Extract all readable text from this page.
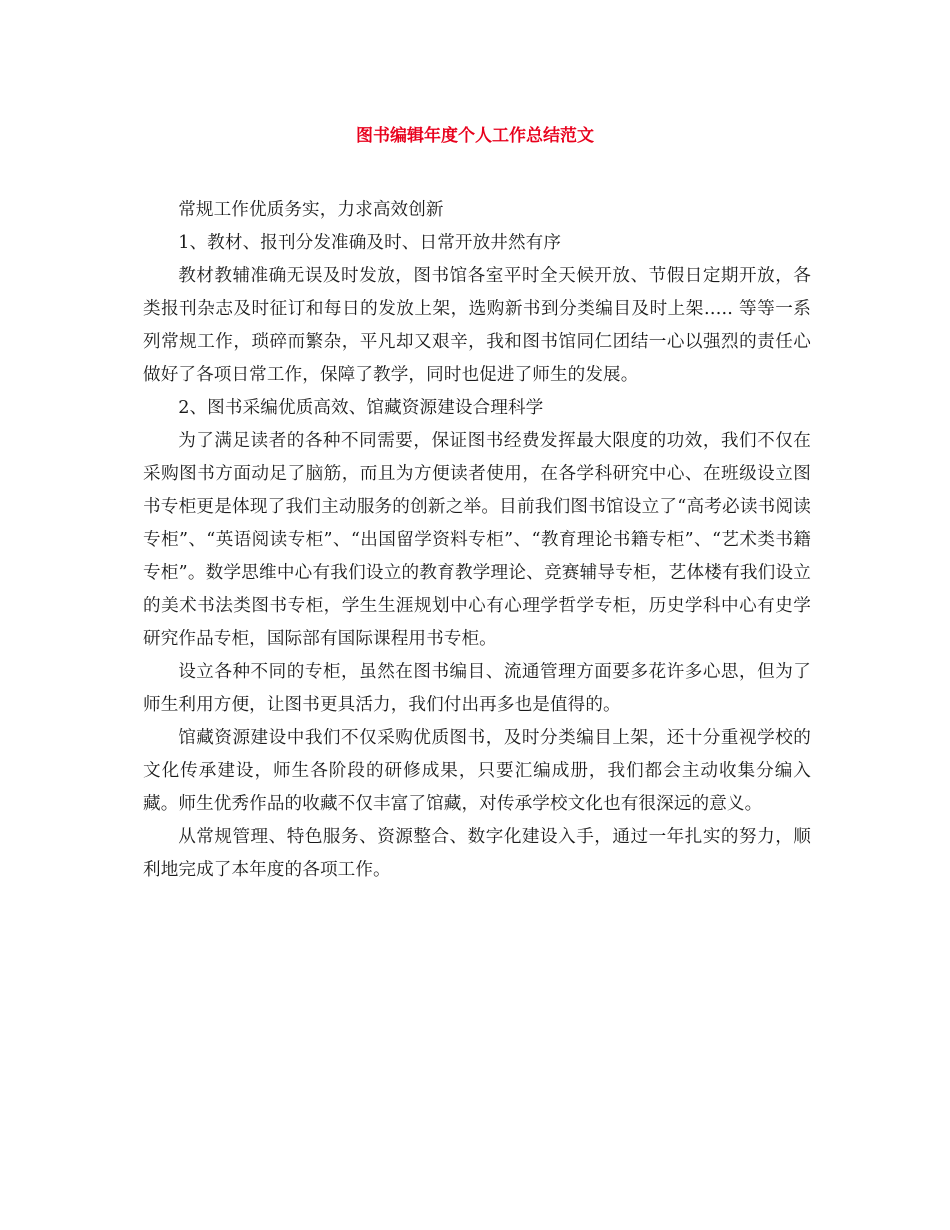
图书编辑年度个人工作总结范文

常规工作优质务实，力求高效创新

1、教材、报刊分发准确及时、日常开放井然有序

教材教辅准确无误及时发放，图书馆各室平时全天候开放、节假日定期开放，各类报刊杂志及时征订和每日的发放上架，选购新书到分类编目及时上架….. 等等一系列常规工作，琐碎而繁杂，平凡却又艰辛，我和图书馆同仁团结一心以强烈的责任心做好了各项日常工作，保障了教学，同时也促进了师生的发展。

2、图书采编优质高效、馆藏资源建设合理科学

为了满足读者的各种不同需要，保证图书经费发挥最大限度的功效，我们不仅在采购图书方面动足了脑筋，而且为方便读者使用，在各学科研究中心、在班级设立图书专柜更是体现了我们主动服务的创新之举。目前我们图书馆设立了“高考必读书阅读专柜”、“英语阅读专柜”、“出国留学资料专柜”、“教育理论书籍专柜”、“艺术类书籍专柜”。数学思维中心有我们设立的教育教学理论、竞赛辅导专柜，艺体楼有我们设立的美术书法类图书专柜，学生生涯规划中心有心理学哲学专柜，历史学科中心有史学研究作品专柜，国际部有国际课程用书专柜。

设立各种不同的专柜，虽然在图书编目、流通管理方面要多花许多心思，但为了师生利用方便，让图书更具活力，我们付出再多也是值得的。

馆藏资源建设中我们不仅采购优质图书，及时分类编目上架，还十分重视学校的文化传承建设，师生各阶段的研修成果，只要汇编成册，我们都会主动收集分编入藏。师生优秀作品的收藏不仅丰富了馆藏，对传承学校文化也有很深远的意义。

从常规管理、特色服务、资源整合、数字化建设入手，通过一年扎实的努力，顺利地完成了本年度的各项工作。
